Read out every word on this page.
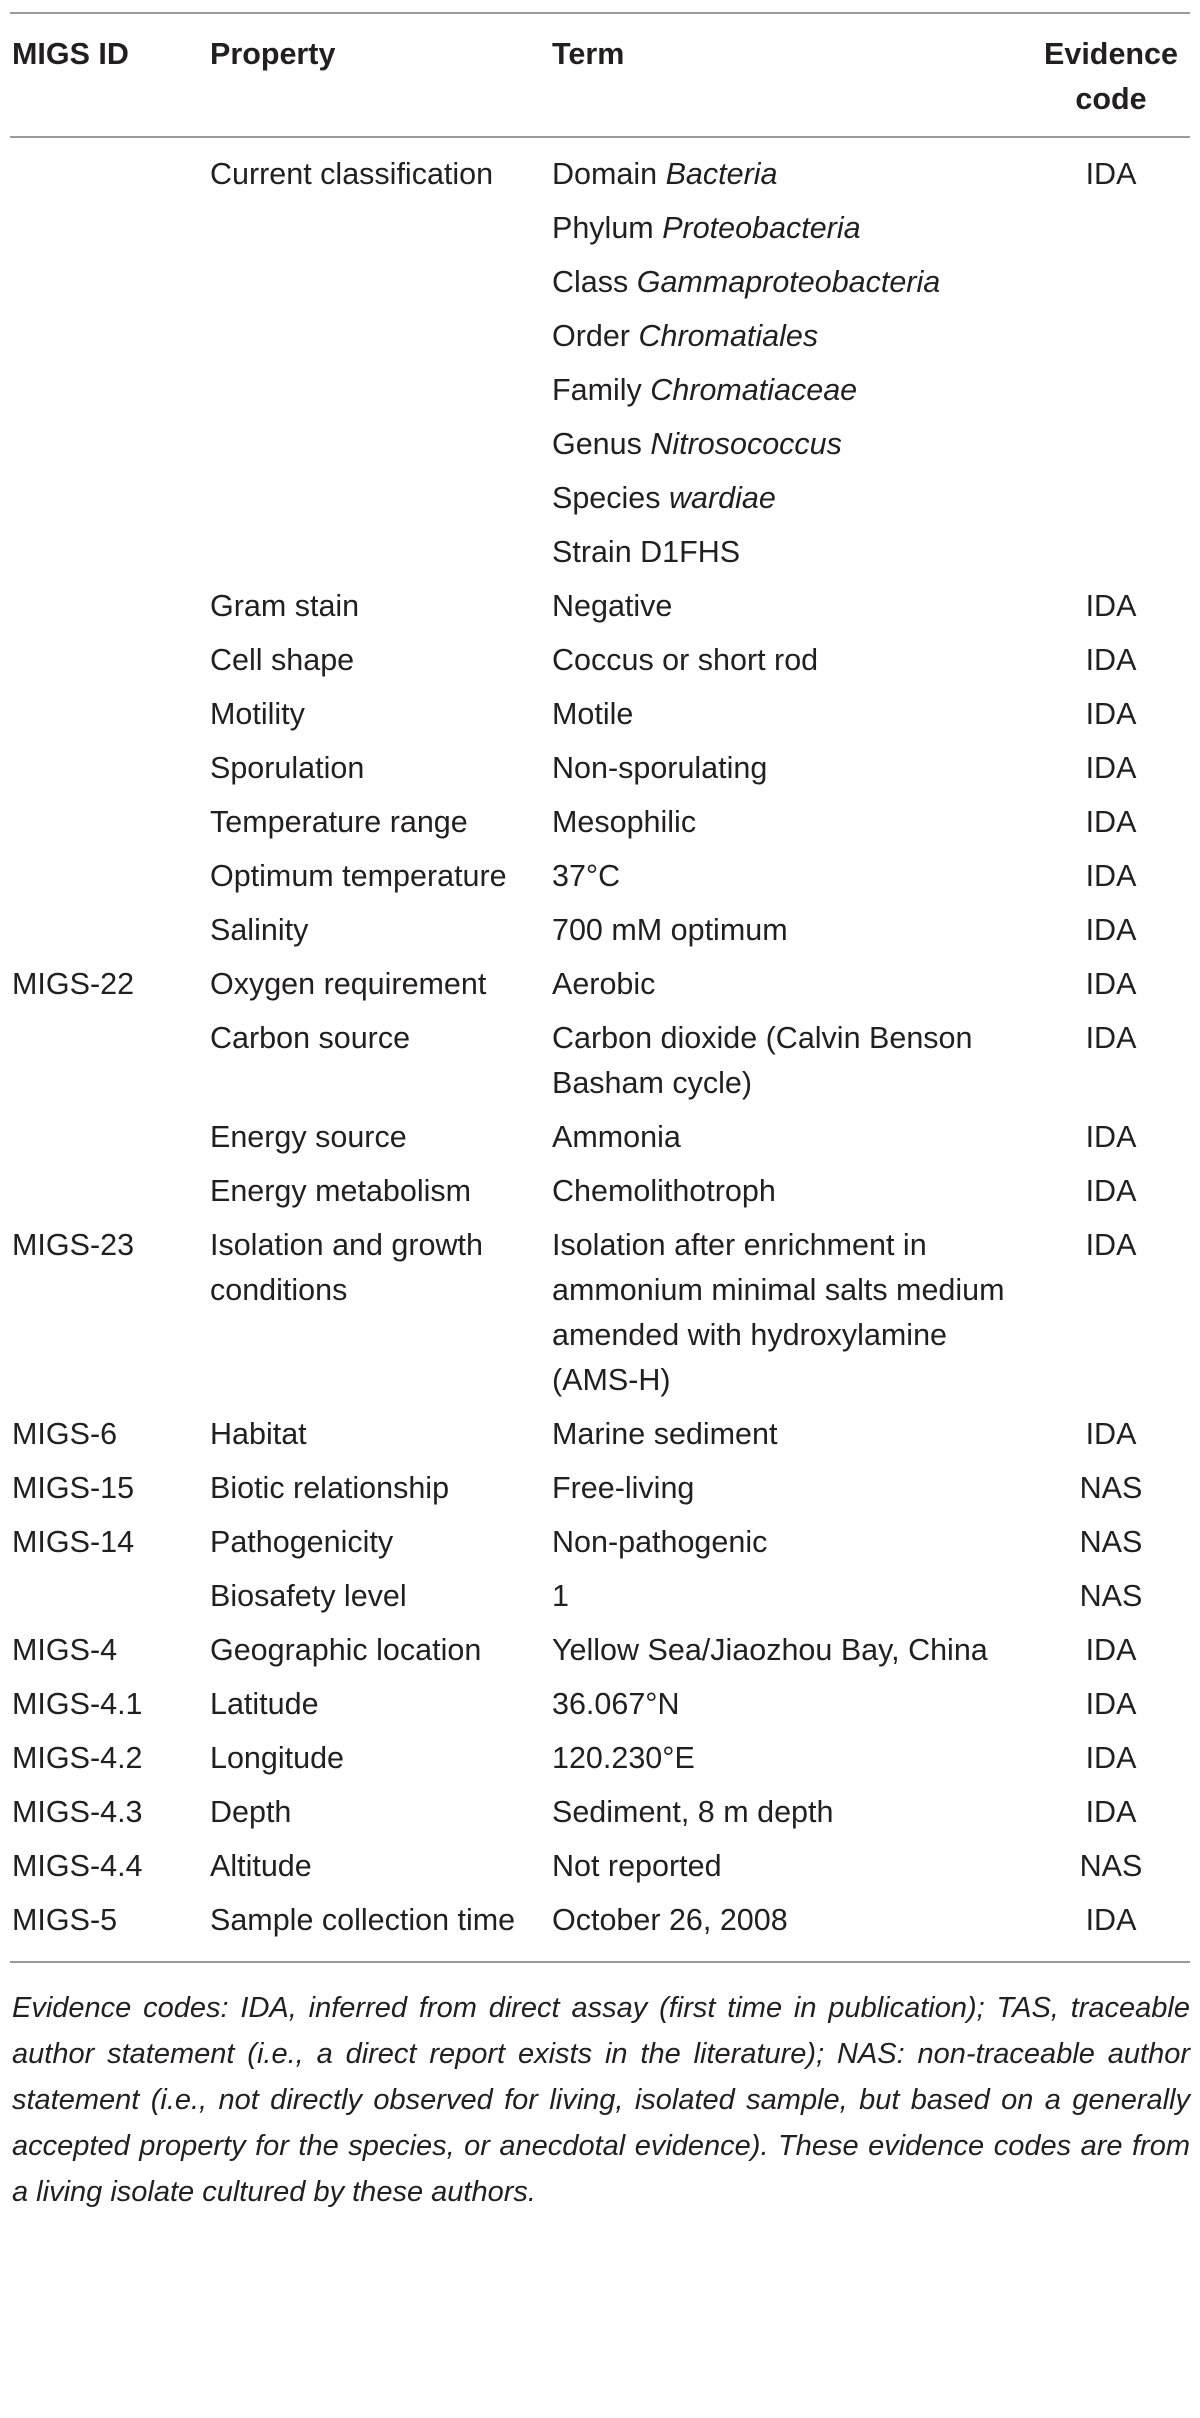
MIGS ID	Property	Term	Evidence code
	Current classification	Domain Bacteria	IDA
		Phylum Proteobacteria	
		Class Gammaproteobacteria	
		Order Chromatiales	
		Family Chromatiaceae	
		Genus Nitrosococcus	
		Species wardiae	
		Strain D1FHS	
	Gram stain	Negative	IDA
	Cell shape	Coccus or short rod	IDA
	Motility	Motile	IDA
	Sporulation	Non-sporulating	IDA
	Temperature range	Mesophilic	IDA
	Optimum temperature	37°C	IDA
	Salinity	700 mM optimum	IDA
MIGS-22	Oxygen requirement	Aerobic	IDA
	Carbon source	Carbon dioxide (Calvin Benson Basham cycle)	IDA
	Energy source	Ammonia	IDA
	Energy metabolism	Chemolithotroph	IDA
MIGS-23	Isolation and growth conditions	Isolation after enrichment in ammonium minimal salts medium amended with hydroxylamine (AMS-H)	IDA
MIGS-6	Habitat	Marine sediment	IDA
MIGS-15	Biotic relationship	Free-living	NAS
MIGS-14	Pathogenicity	Non-pathogenic	NAS
	Biosafety level	1	NAS
MIGS-4	Geographic location	Yellow Sea/Jiaozhou Bay, China	IDA
MIGS-4.1	Latitude	36.067°N	IDA
MIGS-4.2	Longitude	120.230°E	IDA
MIGS-4.3	Depth	Sediment, 8 m depth	IDA
MIGS-4.4	Altitude	Not reported	NAS
MIGS-5	Sample collection time	October 26, 2008	IDA
Evidence codes: IDA, inferred from direct assay (first time in publication); TAS, traceable author statement (i.e., a direct report exists in the literature); NAS: non-traceable author statement (i.e., not directly observed for living, isolated sample, but based on a generally accepted property for the species, or anecdotal evidence). These evidence codes are from a living isolate cultured by these authors.
